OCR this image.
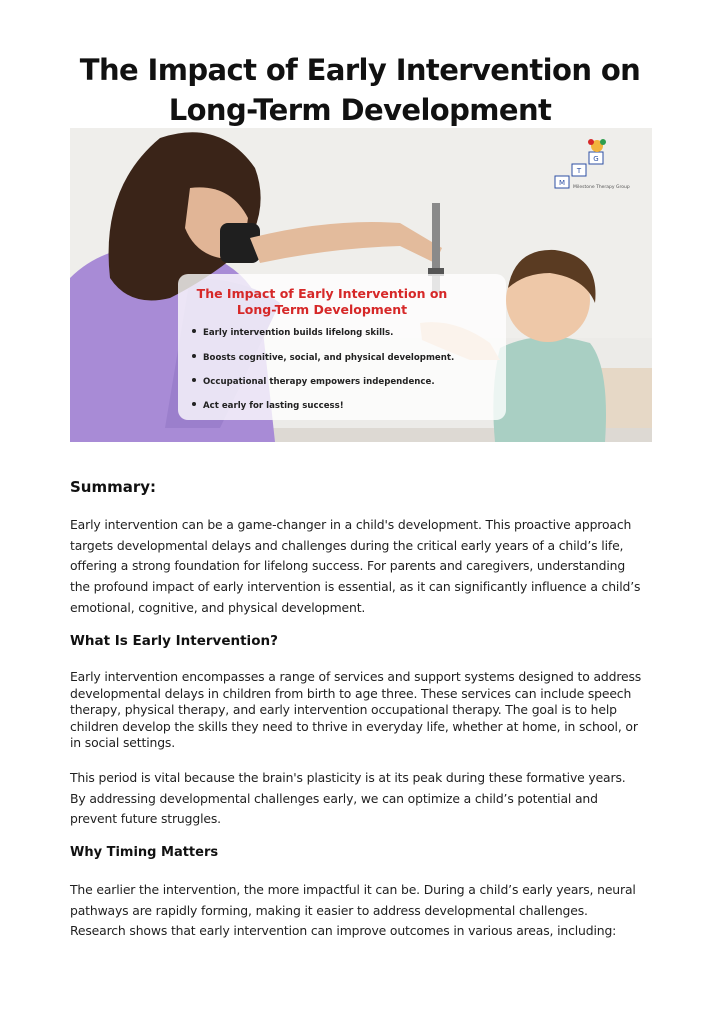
The Impact of Early Intervention on Long-Term Development
M
T
G
Milestone Therapy Group
The Impact of Early Intervention on
Long-Term Development
Early intervention builds lifelong skills.
Boosts cognitive, social, and physical development.
Occupational therapy empowers independence.
Act early for lasting success!
Summary:
Early intervention can be a game-changer in a child's development. This proactive approach targets developmental delays and challenges during the critical early years of a child’s life, offering a strong foundation for lifelong success. For parents and caregivers, understanding the profound impact of early intervention is essential, as it can significantly influence a child’s emotional, cognitive, and physical development.
What Is Early Intervention?
Early intervention encompasses a range of services and support systems designed to address developmental delays in children from birth to age three. These services can include speech therapy, physical therapy, and early intervention occupational therapy. The goal is to help children develop the skills they need to thrive in everyday life, whether at home, in school, or in social settings.
This period is vital because the brain's plasticity is at its peak during these formative years. By addressing developmental challenges early, we can optimize a child’s potential and prevent future struggles.
Why Timing Matters
The earlier the intervention, the more impactful it can be. During a child’s early years, neural pathways are rapidly forming, making it easier to address developmental challenges. Research shows that early intervention can improve outcomes in various areas, including:
